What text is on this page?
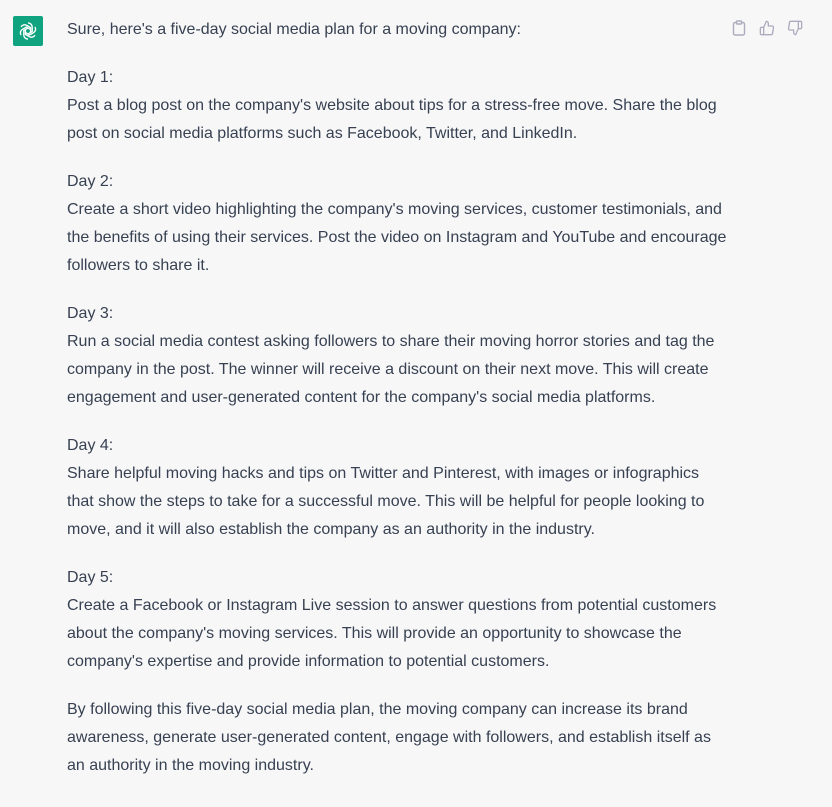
Sure, here's a five-day social media plan for a moving company:

Day 1:
Post a blog post on the company's website about tips for a stress-free move. Share the blog post on social media platforms such as Facebook, Twitter, and LinkedIn.
Day 2:
Create a short video highlighting the company's moving services, customer testimonials, and the benefits of using their services. Post the video on Instagram and YouTube and encourage followers to share it.
Day 3:
Run a social media contest asking followers to share their moving horror stories and tag the company in the post. The winner will receive a discount on their next move. This will create engagement and user-generated content for the company's social media platforms.
Day 4:
Share helpful moving hacks and tips on Twitter and Pinterest, with images or infographics that show the steps to take for a successful move. This will be helpful for people looking to move, and it will also establish the company as an authority in the industry.
Day 5:
Create a Facebook or Instagram Live session to answer questions from potential customers about the company's moving services. This will provide an opportunity to showcase the company's expertise and provide information to potential customers.

By following this five-day social media plan, the moving company can increase its brand awareness, generate user-generated content, engage with followers, and establish itself as an authority in the moving industry.
